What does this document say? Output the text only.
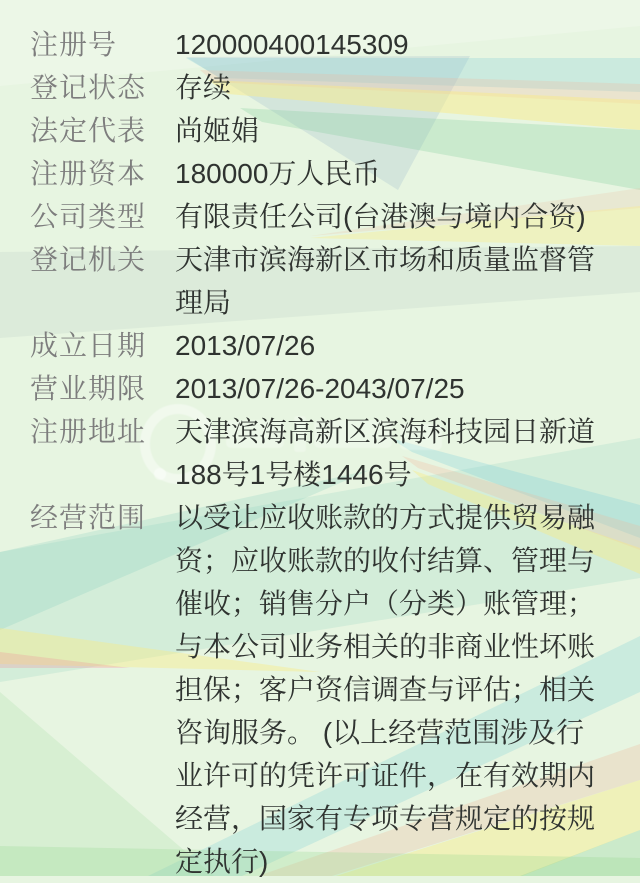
注册号	120000400145309
登记状态	存续
法定代表	尚姬娟
注册资本	180000万人民币
公司类型	有限责任公司(台港澳与境内合资)
登记机关	天津市滨海新区市场和质量监督管理局
成立日期	2013/07/26
营业期限	2013/07/26-2043/07/25
注册地址	天津滨海高新区滨海科技园日新道188号1号楼1446号
经营范围	以受让应收账款的方式提供贸易融资；应收账款的收付结算、管理与催收；销售分户（分类）账管理；与本公司业务相关的非商业性坏账担保；客户资信调查与评估；相关咨询服务。 (以上经营范围涉及行业许可的凭许可证件，在有效期内经营，国家有专项专营规定的按规定执行)
